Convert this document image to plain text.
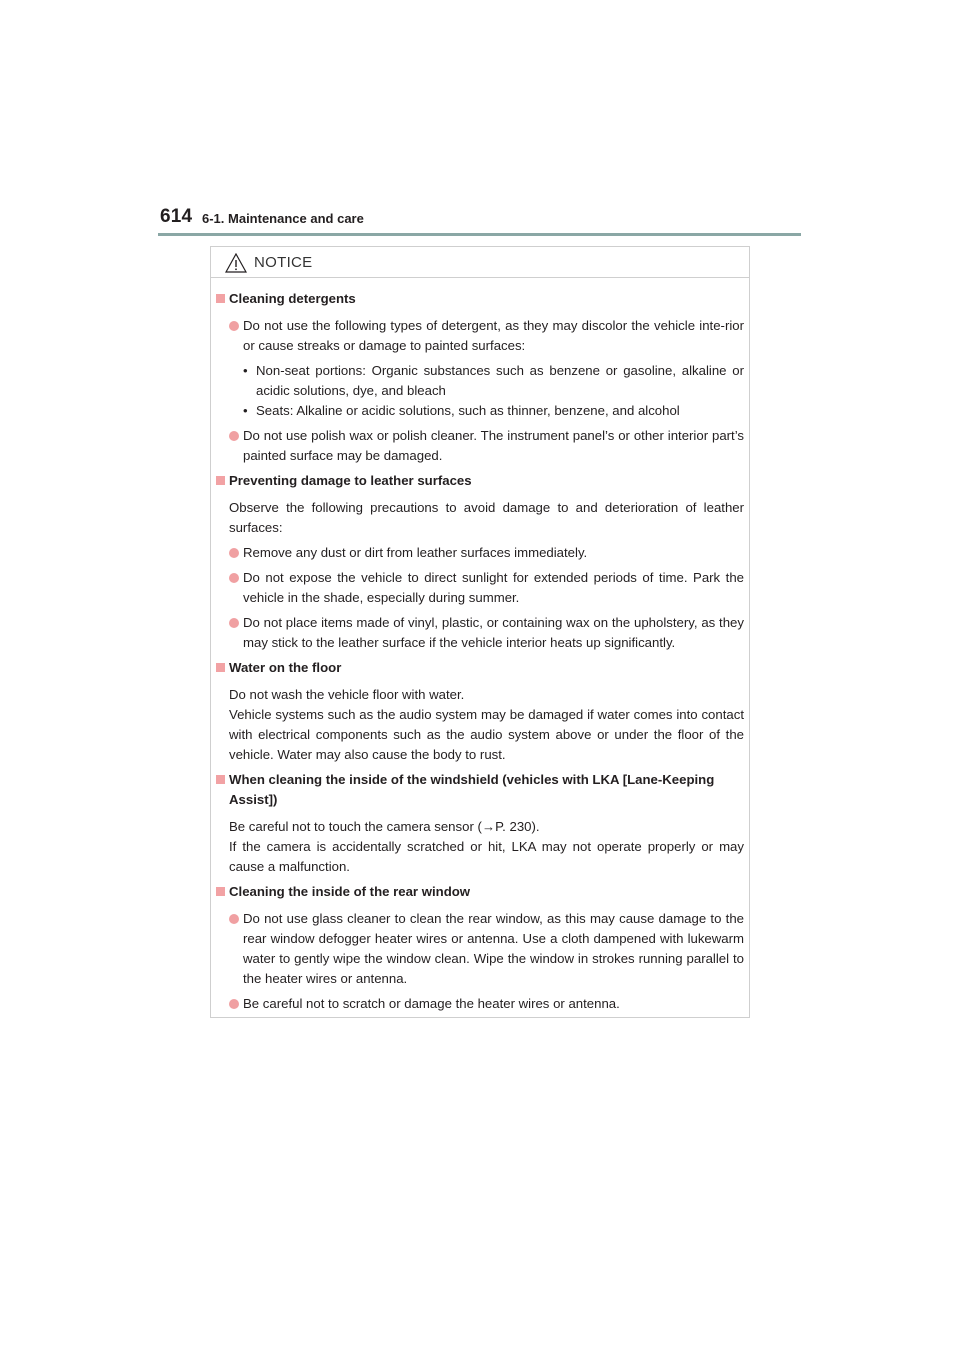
614 6-1. Maintenance and care
NOTICE
Cleaning detergents
Do not use the following types of detergent, as they may discolor the vehicle inte-rior or cause streaks or damage to painted surfaces:
• Non-seat portions: Organic substances such as benzene or gasoline, alkaline or acidic solutions, dye, and bleach
• Seats: Alkaline or acidic solutions, such as thinner, benzene, and alcohol
Do not use polish wax or polish cleaner. The instrument panel’s or other interior part’s painted surface may be damaged.
Preventing damage to leather surfaces
Observe the following precautions to avoid damage to and deterioration of leather surfaces:
Remove any dust or dirt from leather surfaces immediately.
Do not expose the vehicle to direct sunlight for extended periods of time. Park the vehicle in the shade, especially during summer.
Do not place items made of vinyl, plastic, or containing wax on the upholstery, as they may stick to the leather surface if the vehicle interior heats up significantly.
Water on the floor
Do not wash the vehicle floor with water.
Vehicle systems such as the audio system may be damaged if water comes into contact with electrical components such as the audio system above or under the floor of the vehicle. Water may also cause the body to rust.
When cleaning the inside of the windshield (vehicles with LKA [Lane-Keeping Assist])
Be careful not to touch the camera sensor (→P. 230).
If the camera is accidentally scratched or hit, LKA may not operate properly or may cause a malfunction.
Cleaning the inside of the rear window
Do not use glass cleaner to clean the rear window, as this may cause damage to the rear window defogger heater wires or antenna. Use a cloth dampened with lukewarm water to gently wipe the window clean. Wipe the window in strokes running parallel to the heater wires or antenna.
Be careful not to scratch or damage the heater wires or antenna.
